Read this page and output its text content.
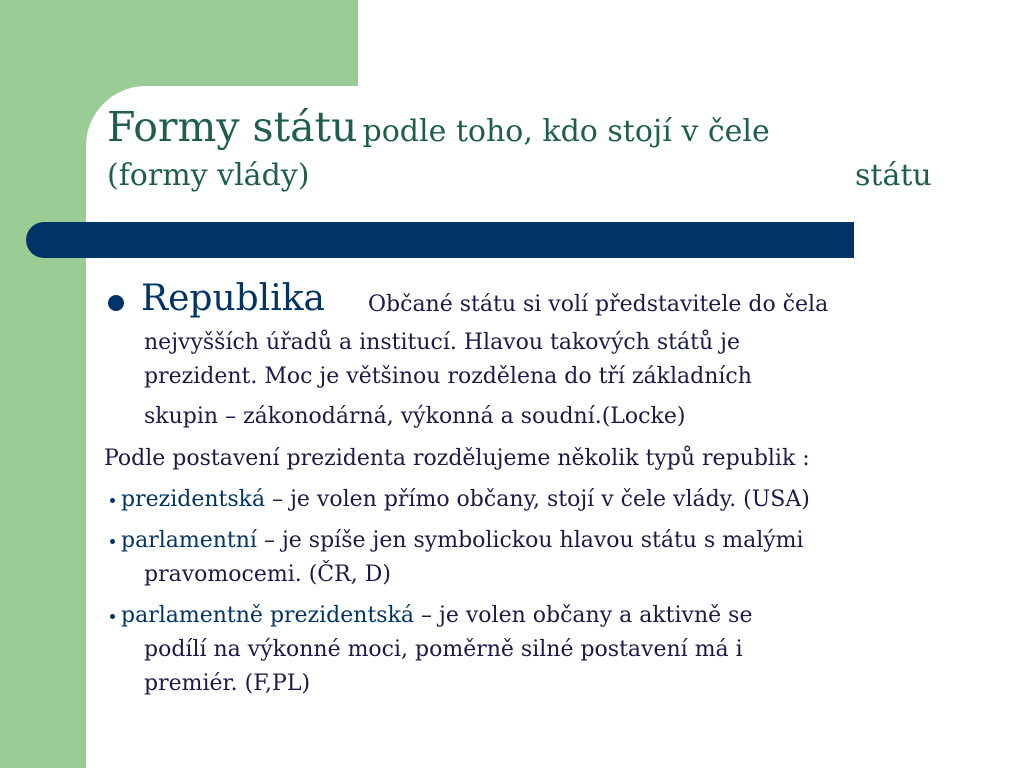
Formy státu podle toho, kdo stojí v čele
(formy vlády)	státu
Republika Občané státu si volí představitele do čela
nejvyšších úřadů a institucí. Hlavou takových států je
prezident. Moc je většinou rozdělena do tří základních
skupin – zákonodárná, výkonná a soudní.(Locke)
Podle postavení prezidenta rozdělujeme několik typů republik :
prezidentská – je volen přímo občany, stojí v čele vlády. (USA)
parlamentní – je spíše jen symbolickou hlavou státu s malými
pravomocemi. (ČR, D)
parlamentně prezidentská – je volen občany a aktivně se
podílí na výkonné moci, poměrně silné postavení má i
premiér. (F,PL)
